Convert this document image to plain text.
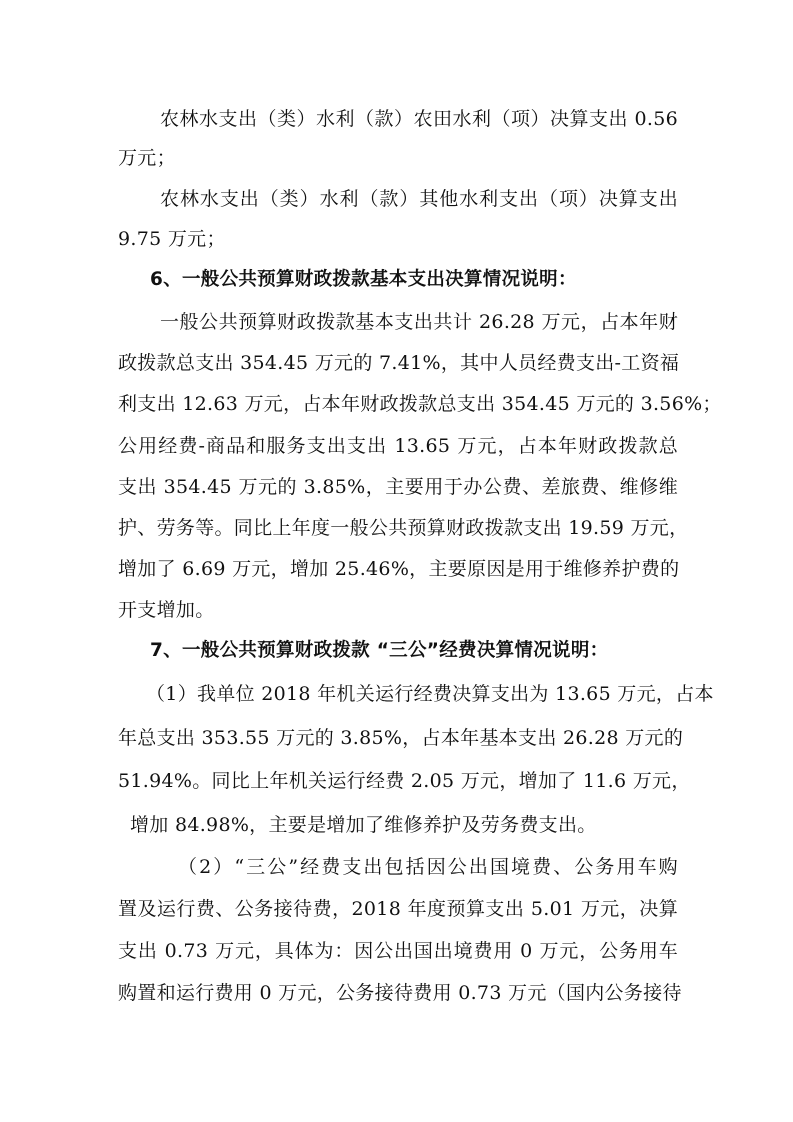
农林水支出（类）水利（款）农田水利（项）决算支出 0.56

万元；

农林水支出（类）水利（款）其他水利支出（项）决算支出

9.75 万元；

6、一般公共预算财政拨款基本支出决算情况说明：

一般公共预算财政拨款基本支出共计 26.28 万元，占本年财

政拨款总支出 354.45 万元的 7.41%，其中人员经费支出-工资福

利支出 12.63 万元，占本年财政拨款总支出 354.45 万元的 3.56%；

公用经费-商品和服务支出支出 13.65 万元，占本年财政拨款总

支出 354.45 万元的 3.85%，主要用于办公费、差旅费、维修维

护、劳务等。同比上年度一般公共预算财政拨款支出 19.59 万元，

增加了 6.69 万元，增加 25.46%，主要原因是用于维修养护费的

开支增加。

7、一般公共预算财政拨款 “三公”经费决算情况说明：

（1）我单位 2018 年机关运行经费决算支出为 13.65 万元，占本

年总支出 353.55 万元的 3.85%，占本年基本支出 26.28 万元的

51.94%。同比上年机关运行经费 2.05 万元，增加了 11.6 万元，

增加 84.98%，主要是增加了维修养护及劳务费支出。

（2）“三公”经费支出包括因公出国境费、公务用车购

置及运行费、公务接待费，2018 年度预算支出 5.01 万元，决算

支出 0.73 万元，具体为：因公出国出境费用 0 万元，公务用车

购置和运行费用 0 万元，公务接待费用 0.73 万元（国内公务接待
